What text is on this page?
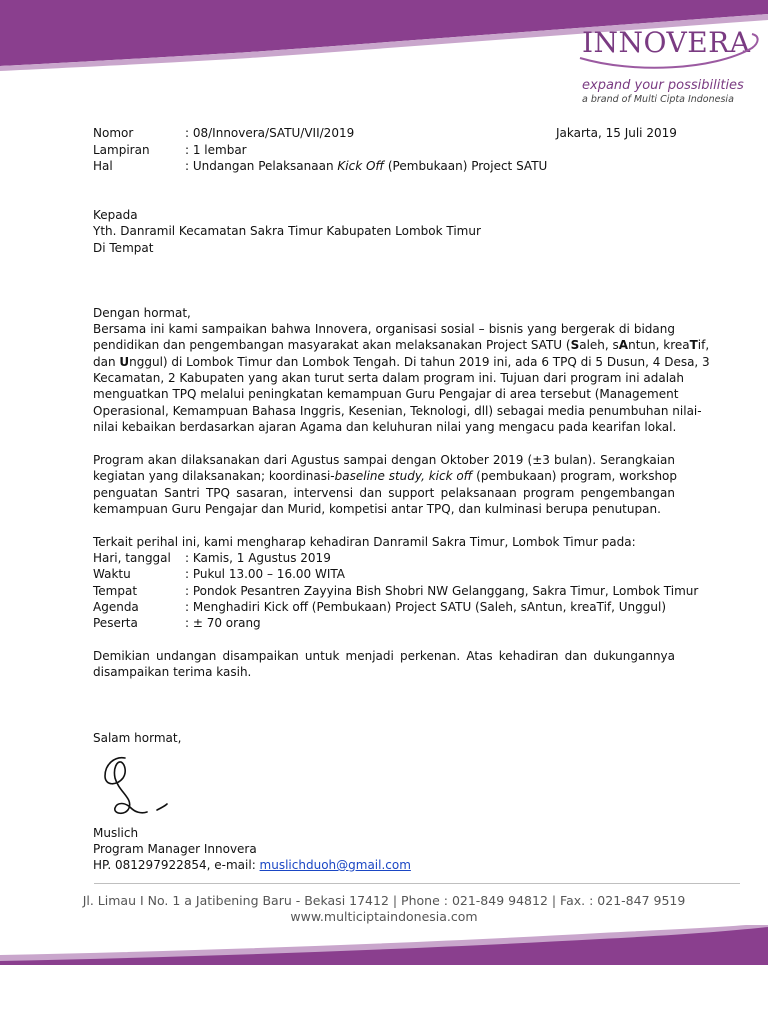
INNOVERA
expand your possibilities
a brand of Multi Cipta Indonesia
Nomor	: 08/Innovera/SATU/VII/2019	Jakarta, 15 Juli 2019
Lampiran	: 1 lembar
Hal	: Undangan Pelaksanaan Kick Off (Pembukaan) Project SATU
Kepada
Yth. Danramil Kecamatan Sakra Timur Kabupaten Lombok Timur
Di Tempat
Dengan hormat,
Bersama ini kami sampaikan bahwa Innovera, organisasi sosial – bisnis yang bergerak di bidang
pendidikan dan pengembangan masyarakat akan melaksanakan Project SATU (Saleh, sAntun, kreaTif,
dan Unggul) di Lombok Timur dan Lombok Tengah. Di tahun 2019 ini, ada 6 TPQ di 5 Dusun, 4 Desa, 3
Kecamatan, 2 Kabupaten yang akan turut serta dalam program ini. Tujuan dari program ini adalah
menguatkan TPQ melalui peningkatan kemampuan Guru Pengajar di area tersebut (Management
Operasional, Kemampuan Bahasa Inggris, Kesenian, Teknologi, dll) sebagai media penumbuhan nilai-
nilai kebaikan berdasarkan ajaran Agama dan keluhuran nilai yang mengacu pada kearifan lokal.
Program akan dilaksanakan dari Agustus sampai dengan Oktober 2019 (±3 bulan). Serangkaian
kegiatan yang dilaksanakan; koordinasi-baseline study, kick off (pembukaan) program, workshop
penguatan Santri TPQ sasaran, intervensi dan support pelaksanaan program pengembangan
kemampuan Guru Pengajar dan Murid, kompetisi antar TPQ, dan kulminasi berupa penutupan.
Terkait perihal ini, kami mengharap kehadiran Danramil Sakra Timur, Lombok Timur pada:
Hari, tanggal : Kamis, 1 Agustus 2019
Waktu	: Pukul 13.00 – 16.00 WITA
Tempat	: Pondok Pesantren Zayyina Bish Shobri NW Gelanggang, Sakra Timur, Lombok Timur
Agenda	: Menghadiri Kick off (Pembukaan) Project SATU (Saleh, sAntun, kreaTif, Unggul)
Peserta	: ± 70 orang
Demikian undangan disampaikan untuk menjadi perkenan. Atas kehadiran dan dukungannya
disampaikan terima kasih.
Salam hormat,
Muslich
Program Manager Innovera
HP. 081297922854, e-mail: muslichduoh@gmail.com
Jl. Limau I No. 1 a Jatibening Baru - Bekasi 17412 | Phone : 021-849 94812 | Fax. : 021-847 9519
www.multiciptaindonesia.com
